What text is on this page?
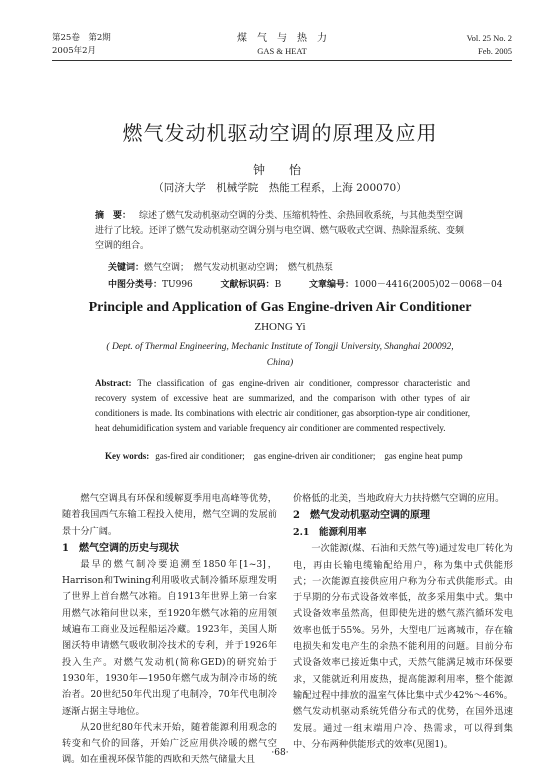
第25卷　第2期
2005年2月
煤　气　与　热　力
GAS & HEAT
Vol. 25 No. 2
Feb. 2005
燃气发动机驱动空调的原理及应用
钟　怡
（同济大学　机械学院　热能工程系，上海 200070）
摘　要： 综述了燃气发动机驱动空调的分类、压缩机特性、余热回收系统，与其他类型空调进行了比较。还评了燃气发动机驱动空调分别与电空调、燃气吸收式空调、热除湿系统、变频空调的组合。
关键词：燃气空调；　燃气发动机驱动空调；　燃气机热泵
中图分类号：TU996	文献标识码：B	文章编号：1000－4416(2005)02－0068－04
Principle and Application of Gas Engine-driven Air Conditioner
ZHONG Yi
( Dept. of Thermal Engineering, Mechanic Institute of Tongji University, Shanghai 200092, China)
Abstract: The classification of gas engine-driven air conditioner, compressor characteristic and recovery system of excessive heat are summarized, and the comparison with other types of air conditioners is made. Its combinations with electric air conditioner, gas absorption-type air conditioner, heat dehumidification system and variable frequency air conditioner are commented respectively.
Key words: gas-fired air conditioner;　gas engine-driven air conditioner;　gas engine heat pump

燃气空调具有环保和缓解夏季用电高峰等优势，随着我国西气东输工程投入使用，燃气空调的发展前景十分广阔。

1　燃气空调的历史与现状

最早的燃气制冷要追溯至1850年[1~3]，Harrison和Twining利用吸收式制冷循环原理发明了世界上首台燃气冰箱。自1913年世界上第一台家用燃气冰箱问世以来，至1920年燃气冰箱的应用领域遍布工商业及远程船运冷藏。1923年，美国人斯图沃特申请燃气吸收制冷技术的专利，并于1926年投入生产。对燃气发动机(简称GED)的研究始于1930年，1930年—1950年燃气成为制冷市场的统治者。20世纪50年代出现了电制冷，70年代电制冷逐渐占据主导地位。

从20世纪80年代末开始，随着能源利用观念的转变和气价的回落，开始广泛应用供冷暖的燃气空调。如在重视环保节能的西欧和天然气储量大且

价格低的北美，当地政府大力扶持燃气空调的应用。

2　燃气发动机驱动空调的原理
2.1　能源利用率

一次能源(煤、石油和天然气等)通过发电厂转化为电，再由长输电缆输配给用户，称为集中式供能形式；一次能源直接供应用户称为分布式供能形式。由于早期的分布式设备效率低，故多采用集中式。集中式设备效率虽然高，但即使先进的燃气蒸汽循环发电效率也低于55%。另外，大型电厂远离城市，存在输电损失和发电产生的余热不能利用的问题。目前分布式设备效率已接近集中式，天然气能满足城市环保要求，又能就近利用废热，提高能源利用率，整个能源输配过程中排放的温室气体比集中式少42%～46%。燃气发动机驱动系统凭借分布式的优势，在国外迅速发展。通过一组末端用户冷、热需求，可以得到集中、分布两种供能形式的效率(见图1)。

·68·
